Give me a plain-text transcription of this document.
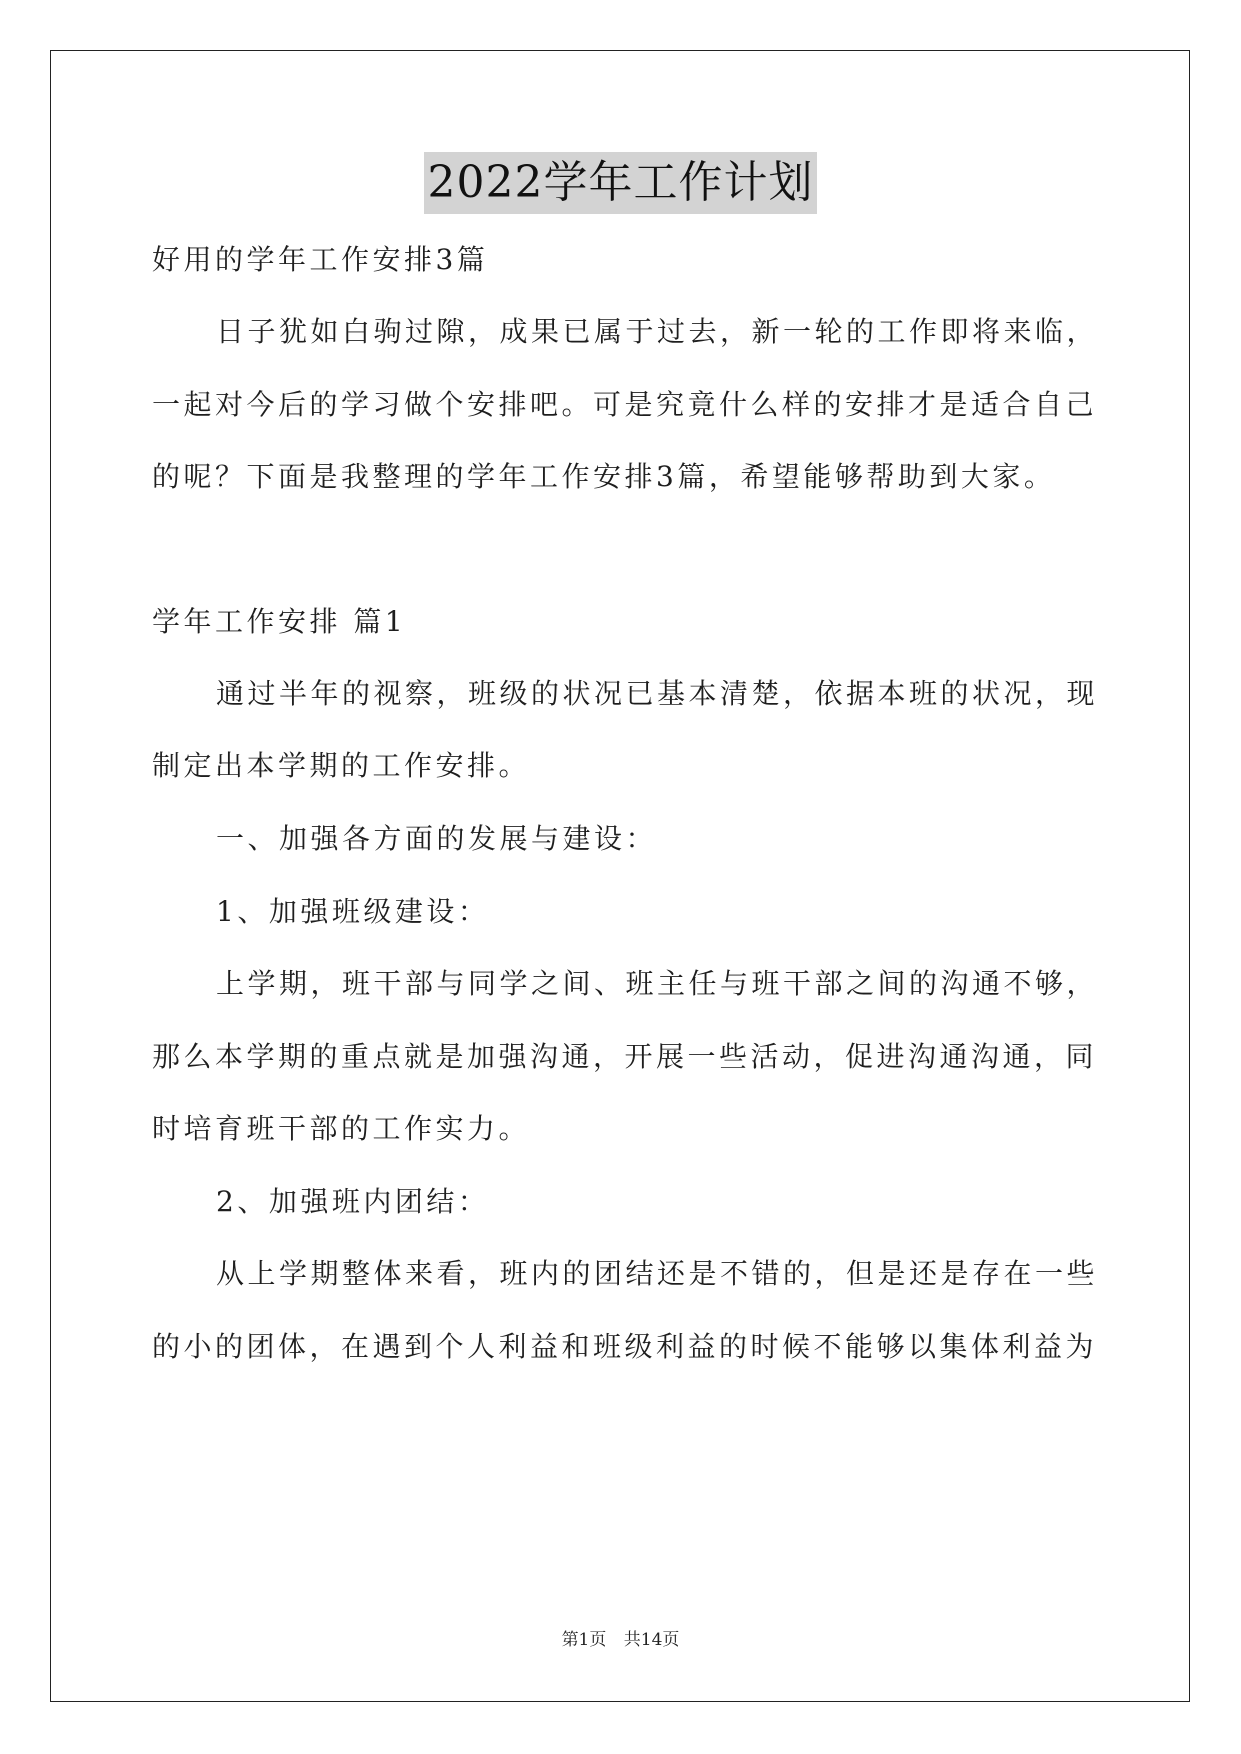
2022学年工作计划
好用的学年工作安排3篇
日子犹如白驹过隙，成果已属于过去，新一轮的工作即将来临，
一起对今后的学习做个安排吧。可是究竟什么样的安排才是适合自己
的呢？下面是我整理的学年工作安排3篇，希望能够帮助到大家。
学年工作安排 篇1
通过半年的视察，班级的状况已基本清楚，依据本班的状况，现
制定出本学期的工作安排。
一、加强各方面的发展与建设：
1、加强班级建设：
上学期，班干部与同学之间、班主任与班干部之间的沟通不够，
那么本学期的重点就是加强沟通，开展一些活动，促进沟通沟通，同
时培育班干部的工作实力。
2、加强班内团结：
从上学期整体来看，班内的团结还是不错的，但是还是存在一些
的小的团体，在遇到个人利益和班级利益的时候不能够以集体利益为
第1页 共14页
